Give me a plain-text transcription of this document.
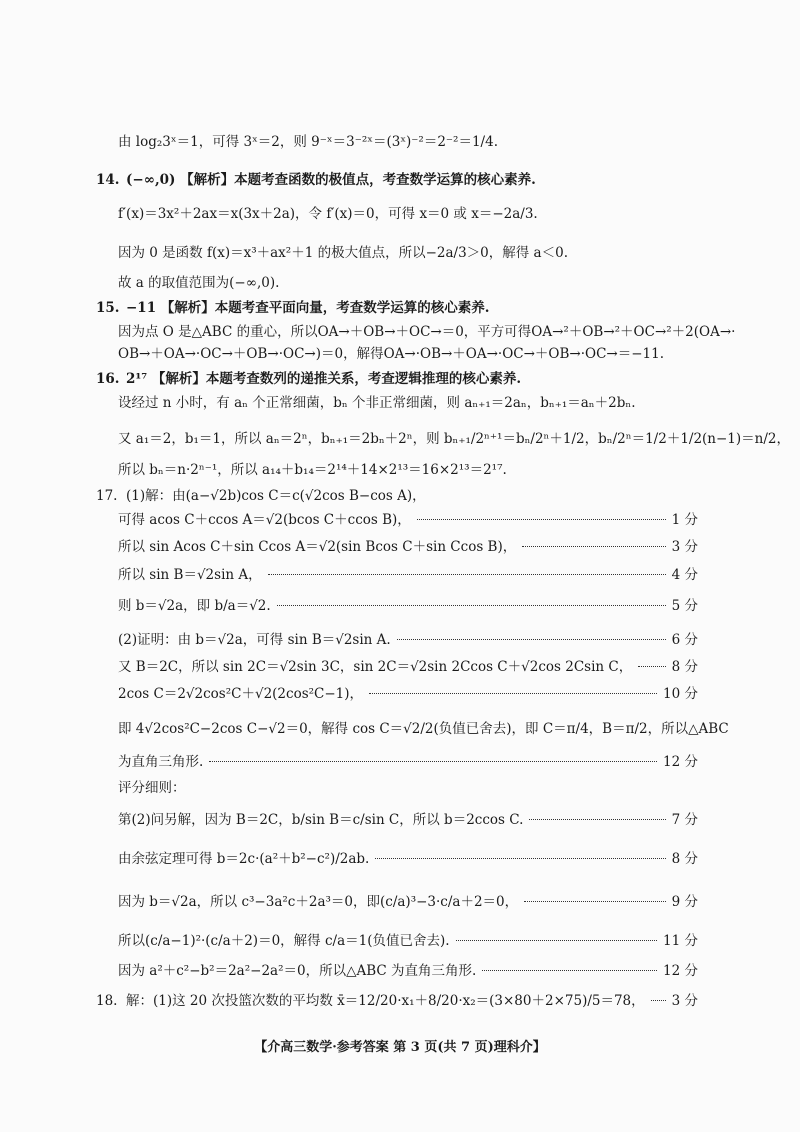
由 log₂3ˣ＝1，可得 3ˣ＝2，则 9⁻ˣ＝3⁻²ˣ＝(3ˣ)⁻²＝2⁻²＝1/4.
14. (−∞,0) 【解析】本题考查函数的极值点，考查数学运算的核心素养.
f′(x)＝3x²＋2ax＝x(3x＋2a)，令 f′(x)＝0，可得 x＝0 或 x＝−2a/3.
因为 0 是函数 f(x)＝x³＋ax²＋1 的极大值点，所以−2a/3＞0，解得 a＜0.
故 a 的取值范围为(−∞,0).
15. −11 【解析】本题考查平面向量，考查数学运算的核心素养.
因为点 O 是△ABC 的重心，所以OA→＋OB→＋OC→＝0，平方可得OA→²＋OB→²＋OC→²＋2(OA→·
OB→＋OA→·OC→＋OB→·OC→)＝0，解得OA→·OB→＋OA→·OC→＋OB→·OC→＝−11.
16. 2¹⁷ 【解析】本题考查数列的递推关系，考查逻辑推理的核心素养.
设经过 n 小时，有 aₙ 个正常细菌，bₙ 个非正常细菌，则 aₙ₊₁＝2aₙ，bₙ₊₁＝aₙ＋2bₙ.
又 a₁＝2，b₁＝1，所以 aₙ＝2ⁿ，bₙ₊₁＝2bₙ＋2ⁿ，则 bₙ₊₁/2ⁿ⁺¹＝bₙ/2ⁿ＋1/2，bₙ/2ⁿ＝1/2＋1/2(n−1)＝n/2，
所以 bₙ＝n·2ⁿ⁻¹，所以 a₁₄＋b₁₄＝2¹⁴＋14×2¹³＝16×2¹³＝2¹⁷.
17. (1)解：由(a−√2b)cos C＝c(√2cos B−cos A)，
可得 acos C＋ccos A＝√2(bcos C＋ccos B)，	1 分
所以 sin Acos C＋sin Ccos A＝√2(sin Bcos C＋sin Ccos B)，	3 分
所以 sin B＝√2sin A，	4 分
则 b＝√2a，即 b/a＝√2.	5 分
(2)证明：由 b＝√2a，可得 sin B＝√2sin A.	6 分
又 B＝2C，所以 sin 2C＝√2sin 3C，sin 2C＝√2sin 2Ccos C＋√2cos 2Csin C，	8 分
2cos C＝2√2cos²C＋√2(2cos²C−1)，	10 分
即 4√2cos²C−2cos C−√2＝0，解得 cos C＝√2/2(负值已舍去)，即 C＝π/4，B＝π/2，所以△ABC
为直角三角形.	12 分
评分细则：
第(2)问另解，因为 B＝2C，b/sin B＝c/sin C，所以 b＝2ccos C.	7 分
由余弦定理可得 b＝2c·(a²＋b²−c²)/2ab.	8 分
因为 b＝√2a，所以 c³−3a²c＋2a³＝0，即(c/a)³−3·c/a＋2＝0，	9 分
所以(c/a−1)²·(c/a＋2)＝0，解得 c/a＝1(负值已舍去).	11 分
因为 a²＋c²−b²＝2a²−2a²＝0，所以△ABC 为直角三角形.	12 分
18. 解：(1)这 20 次投篮次数的平均数 x̄＝12/20·x₁＋8/20·x₂＝(3×80＋2×75)/5＝78， 3 分
【介高三数学·参考答案 第 3 页(共 7 页)理科介】
